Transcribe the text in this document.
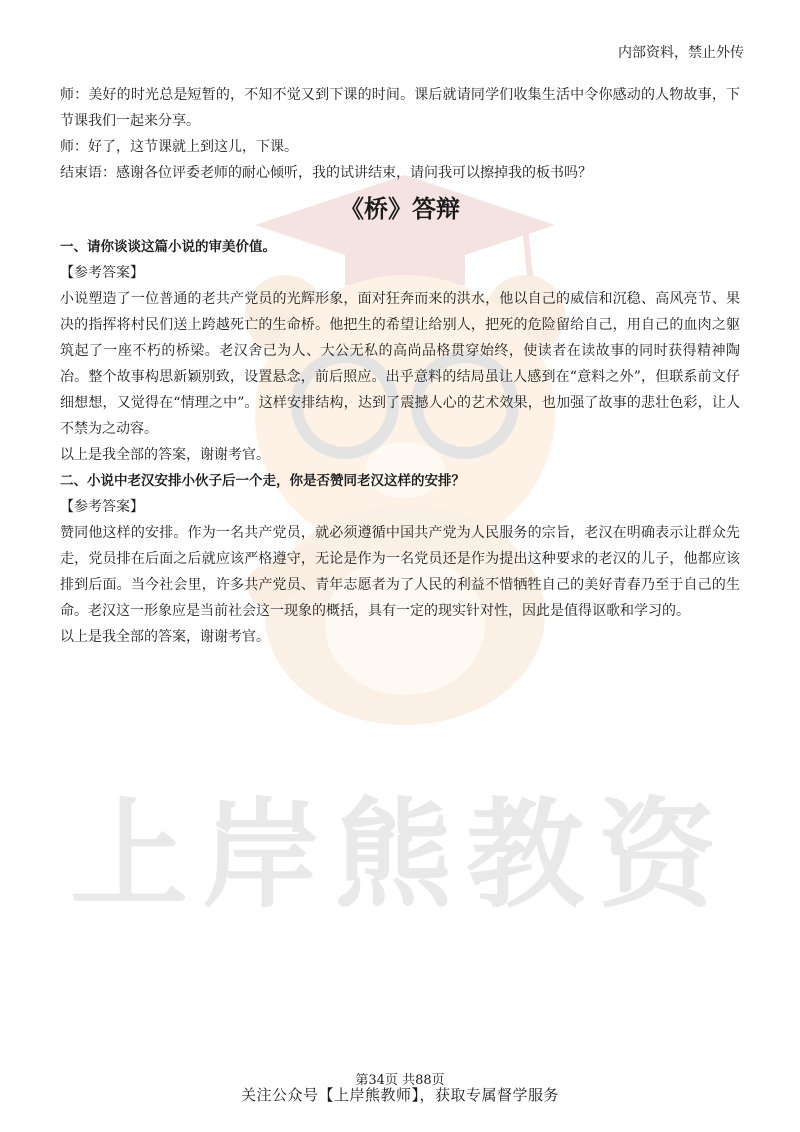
上岸熊教资
内部资料，禁止外传

师：美好的时光总是短暂的，不知不觉又到下课的时间。课后就请同学们收集生活中令你感动的人物故事，下节课我们一起来分享。

师：好了，这节课就上到这儿，下课。

结束语：感谢各位评委老师的耐心倾听，我的试讲结束，请问我可以擦掉我的板书吗？

《桥》答辩

一、请你谈谈这篇小说的审美价值。

【参考答案】

小说塑造了一位普通的老共产党员的光辉形象，面对狂奔而来的洪水，他以自己的威信和沉稳、高风亮节、果决的指挥将村民们送上跨越死亡的生命桥。他把生的希望让给别人，把死的危险留给自己，用自己的血肉之躯筑起了一座不朽的桥梁。老汉舍己为人、大公无私的高尚品格贯穿始终，使读者在读故事的同时获得精神陶冶。整个故事构思新颖别致，设置悬念，前后照应。出乎意料的结局虽让人感到在“意料之外”，但联系前文仔细想想，又觉得在“情理之中”。这样安排结构，达到了震撼人心的艺术效果，也加强了故事的悲壮色彩，让人不禁为之动容。

以上是我全部的答案，谢谢考官。

二、小说中老汉安排小伙子后一个走，你是否赞同老汉这样的安排？

【参考答案】

赞同他这样的安排。作为一名共产党员，就必须遵循中国共产党为人民服务的宗旨，老汉在明确表示让群众先走，党员排在后面之后就应该严格遵守，无论是作为一名党员还是作为提出这种要求的老汉的儿子，他都应该排到后面。当今社会里，许多共产党员、青年志愿者为了人民的利益不惜牺牲自己的美好青春乃至于自己的生命。老汉这一形象应是当前社会这一现象的概括，具有一定的现实针对性，因此是值得讴歌和学习的。

以上是我全部的答案，谢谢考官。

第34页 共88页
关注公众号【上岸熊教师】，获取专属督学服务
